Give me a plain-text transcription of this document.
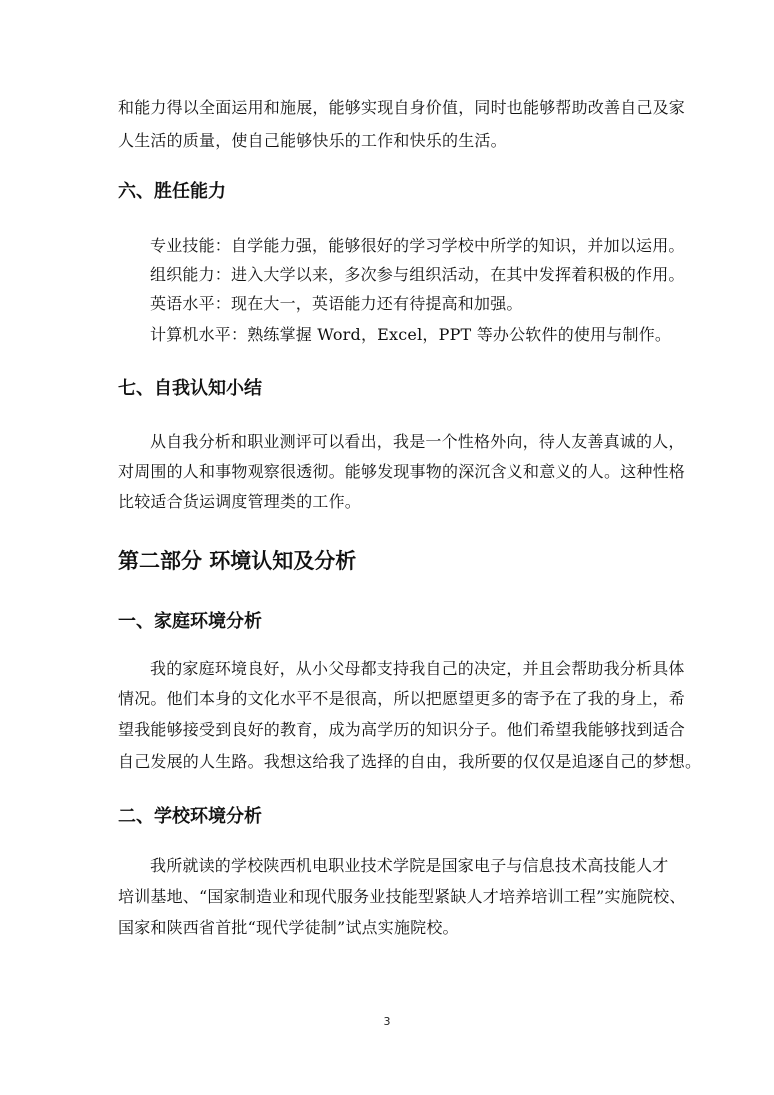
和能力得以全面运用和施展，能够实现自身价值，同时也能够帮助改善自己及家
人生活的质量，使自己能够快乐的工作和快乐的生活。
六、胜任能力
专业技能：自学能力强，能够很好的学习学校中所学的知识，并加以运用。
组织能力：进入大学以来，多次参与组织活动，在其中发挥着积极的作用。
英语水平：现在大一，英语能力还有待提高和加强。
计算机水平：熟练掌握 Word，Excel，PPT 等办公软件的使用与制作。
七、自我认知小结
从自我分析和职业测评可以看出，我是一个性格外向，待人友善真诚的人，
对周围的人和事物观察很透彻。能够发现事物的深沉含义和意义的人。这种性格
比较适合货运调度管理类的工作。
第二部分 环境认知及分析
一、家庭环境分析
我的家庭环境良好，从小父母都支持我自己的决定，并且会帮助我分析具体
情况。他们本身的文化水平不是很高，所以把愿望更多的寄予在了我的身上，希
望我能够接受到良好的教育，成为高学历的知识分子。他们希望我能够找到适合
自己发展的人生路。我想这给我了选择的自由，我所要的仅仅是追逐自己的梦想。
二、学校环境分析
我所就读的学校陕西机电职业技术学院是国家电子与信息技术高技能人才
培训基地、“国家制造业和现代服务业技能型紧缺人才培养培训工程”实施院校、
国家和陕西省首批“现代学徒制”试点实施院校。
3
